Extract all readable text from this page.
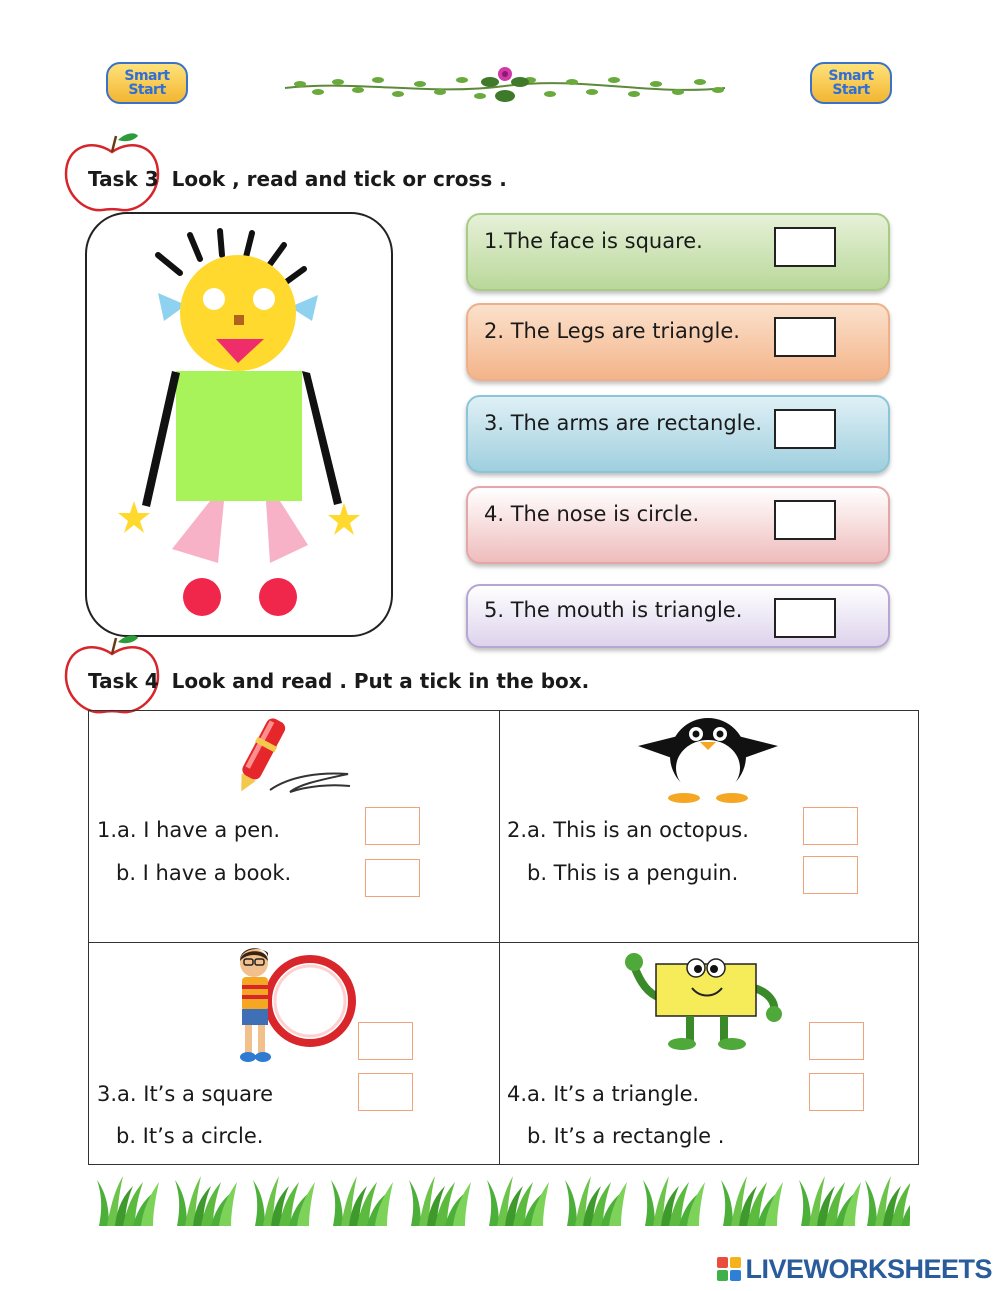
Smart
Start
Smart
Start
Task 3 Look , read and tick or cross .
1.The face is square.
2. The Legs are triangle.
3. The arms are rectangle.
4. The nose is circle.
5. The mouth is triangle.
Task 4 Look and read . Put a tick in the box.
1.a. I have a pen.
b. I have a book.
2.a. This is an octopus.
b. This is a penguin.
3.a. It’s a square
b. It’s a circle.
4.a. It’s a triangle.
b. It’s a rectangle .
LIVEWORKSHEETS
